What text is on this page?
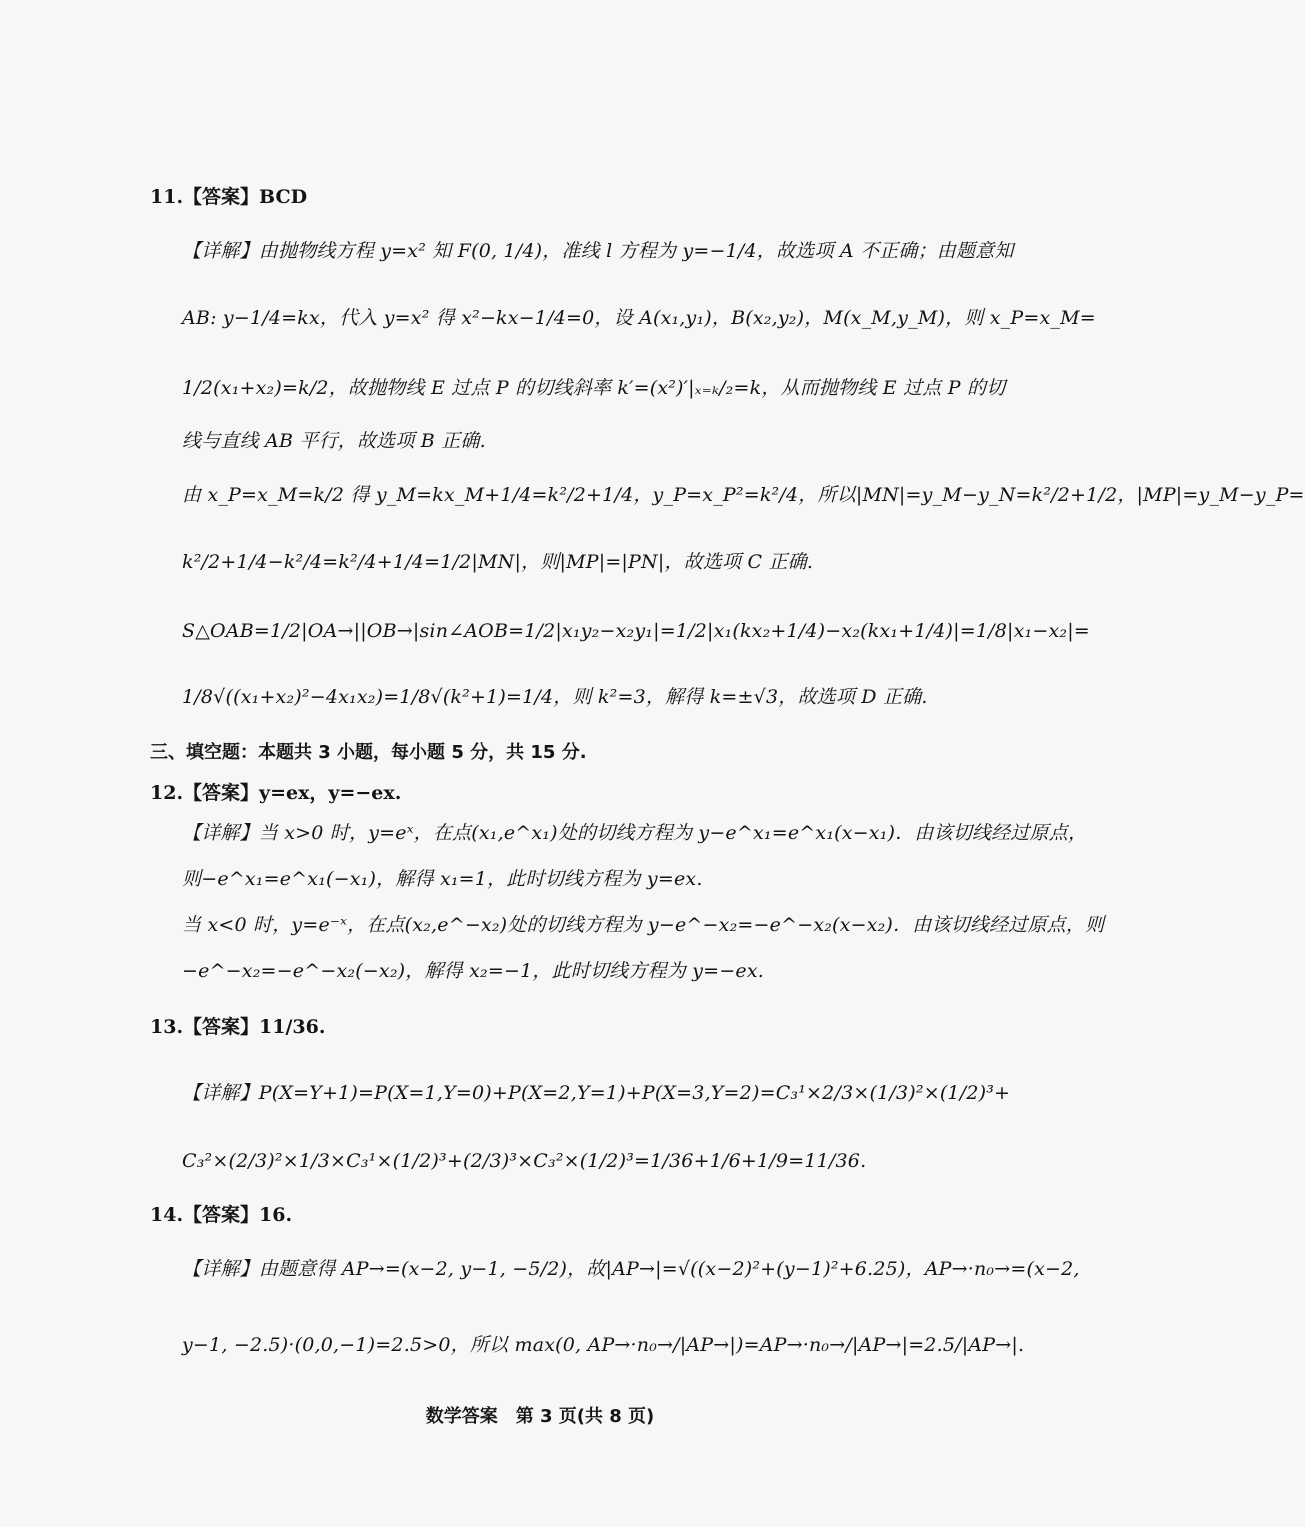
11.【答案】BCD
【详解】由抛物线方程 y=x² 知 F(0, 1/4)，准线 l 方程为 y=−1/4，故选项 A 不正确；由题意知
AB: y−1/4=kx，代入 y=x² 得 x²−kx−1/4=0，设 A(x₁,y₁)，B(x₂,y₂)，M(x_M,y_M)，则 x_P=x_M=
1/2(x₁+x₂)=k/2，故抛物线 E 过点 P 的切线斜率 k′=(x²)′|ₓ₌ₖ/₂=k，从而抛物线 E 过点 P 的切
线与直线 AB 平行，故选项 B 正确.
由 x_P=x_M=k/2 得 y_M=kx_M+1/4=k²/2+1/4，y_P=x_P²=k²/4，所以|MN|=y_M−y_N=k²/2+1/2，|MP|=y_M−y_P=
k²/2+1/4−k²/4=k²/4+1/4=1/2|MN|，则|MP|=|PN|，故选项 C 正确.
S△OAB=1/2|OA→||OB→|sin∠AOB=1/2|x₁y₂−x₂y₁|=1/2|x₁(kx₂+1/4)−x₂(kx₁+1/4)|=1/8|x₁−x₂|=
1/8√((x₁+x₂)²−4x₁x₂)=1/8√(k²+1)=1/4，则 k²=3，解得 k=±√3，故选项 D 正确.
三、填空题：本题共 3 小题，每小题 5 分，共 15 分.
12.【答案】y=ex，y=−ex.
【详解】当 x>0 时，y=eˣ，在点(x₁,e^x₁)处的切线方程为 y−e^x₁=e^x₁(x−x₁)．由该切线经过原点，
则−e^x₁=e^x₁(−x₁)，解得 x₁=1，此时切线方程为 y=ex.
当 x<0 时，y=e⁻ˣ，在点(x₂,e^−x₂)处的切线方程为 y−e^−x₂=−e^−x₂(x−x₂)．由该切线经过原点，则
−e^−x₂=−e^−x₂(−x₂)，解得 x₂=−1，此时切线方程为 y=−ex.
13.【答案】11/36.
【详解】P(X=Y+1)=P(X=1,Y=0)+P(X=2,Y=1)+P(X=3,Y=2)=C₃¹×2/3×(1/3)²×(1/2)³+
C₃²×(2/3)²×1/3×C₃¹×(1/2)³+(2/3)³×C₃²×(1/2)³=1/36+1/6+1/9=11/36.
14.【答案】16.
【详解】由题意得 AP→=(x−2, y−1, −5/2)，故|AP→|=√((x−2)²+(y−1)²+6.25)，AP→·n₀→=(x−2,
y−1, −2.5)·(0,0,−1)=2.5>0，所以 max(0, AP→·n₀→/|AP→|)=AP→·n₀→/|AP→|=2.5/|AP→|.
数学答案　第 3 页(共 8 页)
